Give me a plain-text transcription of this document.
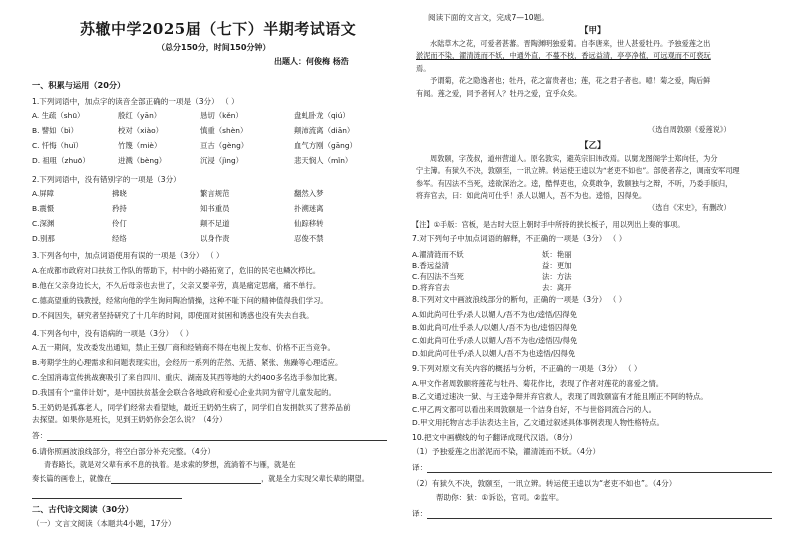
苏辙中学2025届（七下）半期考试语文
（总分150分，时间150分钟）
出题人：何俊梅 杨浩
一、积累与运用（20分）
1.下列词语中，加点字的读音全部正确的一项是（3分） （ ）
2.下列词语中，没有错别字的一项是（3分）
3.下列各句中，加点词语使用有误的一项是（3分） （ ）
4.下列各句中，没有语病的一项是（3分） （ ）
5.王奶奶是孤寡老人，同学们经常去看望她，最近王奶奶生病了，同学们自发捐款买了营养品前
去探望。如果你是班长，见到王奶奶你会怎么说？（4分）
答：
6.请你照画波浪线部分，将空白部分补充完整。（4分）
青春路长，就是对父辈有承不息的执着。是求索的梦想，流淌着不与雁，就是在
奏长篇的画卷上，就像在	，就是全力实现父辈长辈的期望。
二、古代诗文阅读（30分）
（一）文言文阅读（本题共4小题，17分）
A. 生疏（shū）	殷红（yān）	恳切（kěn）	盘虬卧龙（qiú）
B. 譬如（bì）	校对（xiào）	慎重（shèn）	颠沛流离（diān）
C. 忏悔（huǐ）	竹篾（miè）	亘古（gèng）	血气方刚（gāng）
D. 祖咀（zhuō）	迸溅（bèng）	沉浸（jìng）	悲天悯人（mǐn）
A.屏障	拂晓	繁言规范	翻然入梦
B.震慑	矜持	知书重员	扑溯迷离
C.深渊	伶仃	颠不足道	仙踪移转
D.别那	经络	以身作责	忍俊不禁
A.在成都市政府对口扶贫工作队的帮助下，村中的小路拓宽了，危旧的民宅也鳞次栉比。
B.他在父亲身边长大，不久后母亲也去世了，父亲又要辛劳，真是痛定思痛，痛不单行。
C.德高望重的钱教授，经常向他的学生询问陶冶情操，这种不耻下问的精神值得我们学习。
D.不间因失，研究者坚持研究了十几年的时间，即使面对贫困和诱惑也没有失去自我。
A.五一期间，发改委发出通知，禁止王强厂商和经销商不得在电视上发布、价格不正当竞争。
B.考期学生的心理需求和问题表现实出，会经历一系列的茫然、无措、紧张、焦躁等心理适应。
C.全国消毒宣传挑战赛吸引了来自四川、重庆、湖南及其西等地的大约400多名选手参加比赛。
D.我国有个“童伴计划”，是中国扶贫基金会联合各地政府和爱心企业共同为留守儿童发起的。
阅读下面的文言文，完成7—10题。
【甲】

水陆草木之花，可爱者甚蕃。晋陶渊明独爱菊。自李唐来，世人甚爱牡丹。予独爱莲之出

淤泥而不染，濯清涟而不妖，中通外直，不蔓不枝，香远益清，亭亭净植，可远观而不可亵玩

焉。

予谓菊，花之隐逸者也；牡丹，花之富贵者也；莲，花之君子者也。噫！菊之爱，陶后鲜

有闻。莲之爱，同予者何人？牡丹之爱，宜乎众矣。

（选自周敦颐《爱莲说》）
【乙】

周敦颐，字茂叔，道州营道人。原名敦实，避英宗旧讳改焉。以舅龙图阁学士郑向任，为分

宁主簿。有狱久不决，敦颐至，一讯立辨。转运使王逵以为“老吏不如也”。部使者荐之，调南安军司理

参军。有囚法不当死，逵欲深治之。逵，酷悍吏也，众莫敢争，敦颐独与之辩，不听，乃委手版归，

将弃官去，曰：如此尚可仕乎！杀人以媚人，吾不为也。逵悟，囚得免。

（选自《宋史》，有删改）
【注】①手版：官板，是古时大臣上朝时手中所持的狭长板子，用以列出上奏的事项。
7.对下列句子中加点词语的解释，不正确的一项是（3分） （ ）
8.下列对文中画波浪线部分的断句，正确的一项是（3分） （ ）
9.下列对原文有关内容的概括与分析，不正确的一项是（3分） （ ）
10.把文中画横线的句子翻译成现代汉语。（8分）
（1）予独爱莲之出淤泥而不染，濯清涟而不妖。（4分）
译：
（2）有狱久不决，敦颐至，一讯立辨。转运使王逵以为“老吏不如也”。（4分）
帮助你：狱：①诉讼，官司。②监牢。
译：
A.濯清涟而不妖	妖：艳丽
B.香远益清	益：更加
C.有囚法不当死	法：方法
D.将弃官去	去：离开
A.如此尚可仕乎/杀人以媚人/吾不为也/逵悟/囚得免
B.如此尚可/仕乎杀人/以媚人/吾不为也/逵悟囚得免
C.如此尚可仕乎/杀人以媚人/吾不为也/逵悟囚/得免
D.如此尚可仕乎/杀人以媚人/吾不为也逵悟/囚得免
A.甲文作者周敦颐将莲花与牡丹、菊花作比，表现了作者对莲花的喜爱之情。
B.乙文通过速决一狱、与王逵争辩并弃官救人，表现了周敦颐富有才能且刚正不阿的特点。
C.甲乙两文都可以看出来周敦颐是一个洁身自好，不与世俗同流合污的人。
D.甲文用托物言志手法表达主旨，乙文通过叙述具体事例表现人物性格特点。
